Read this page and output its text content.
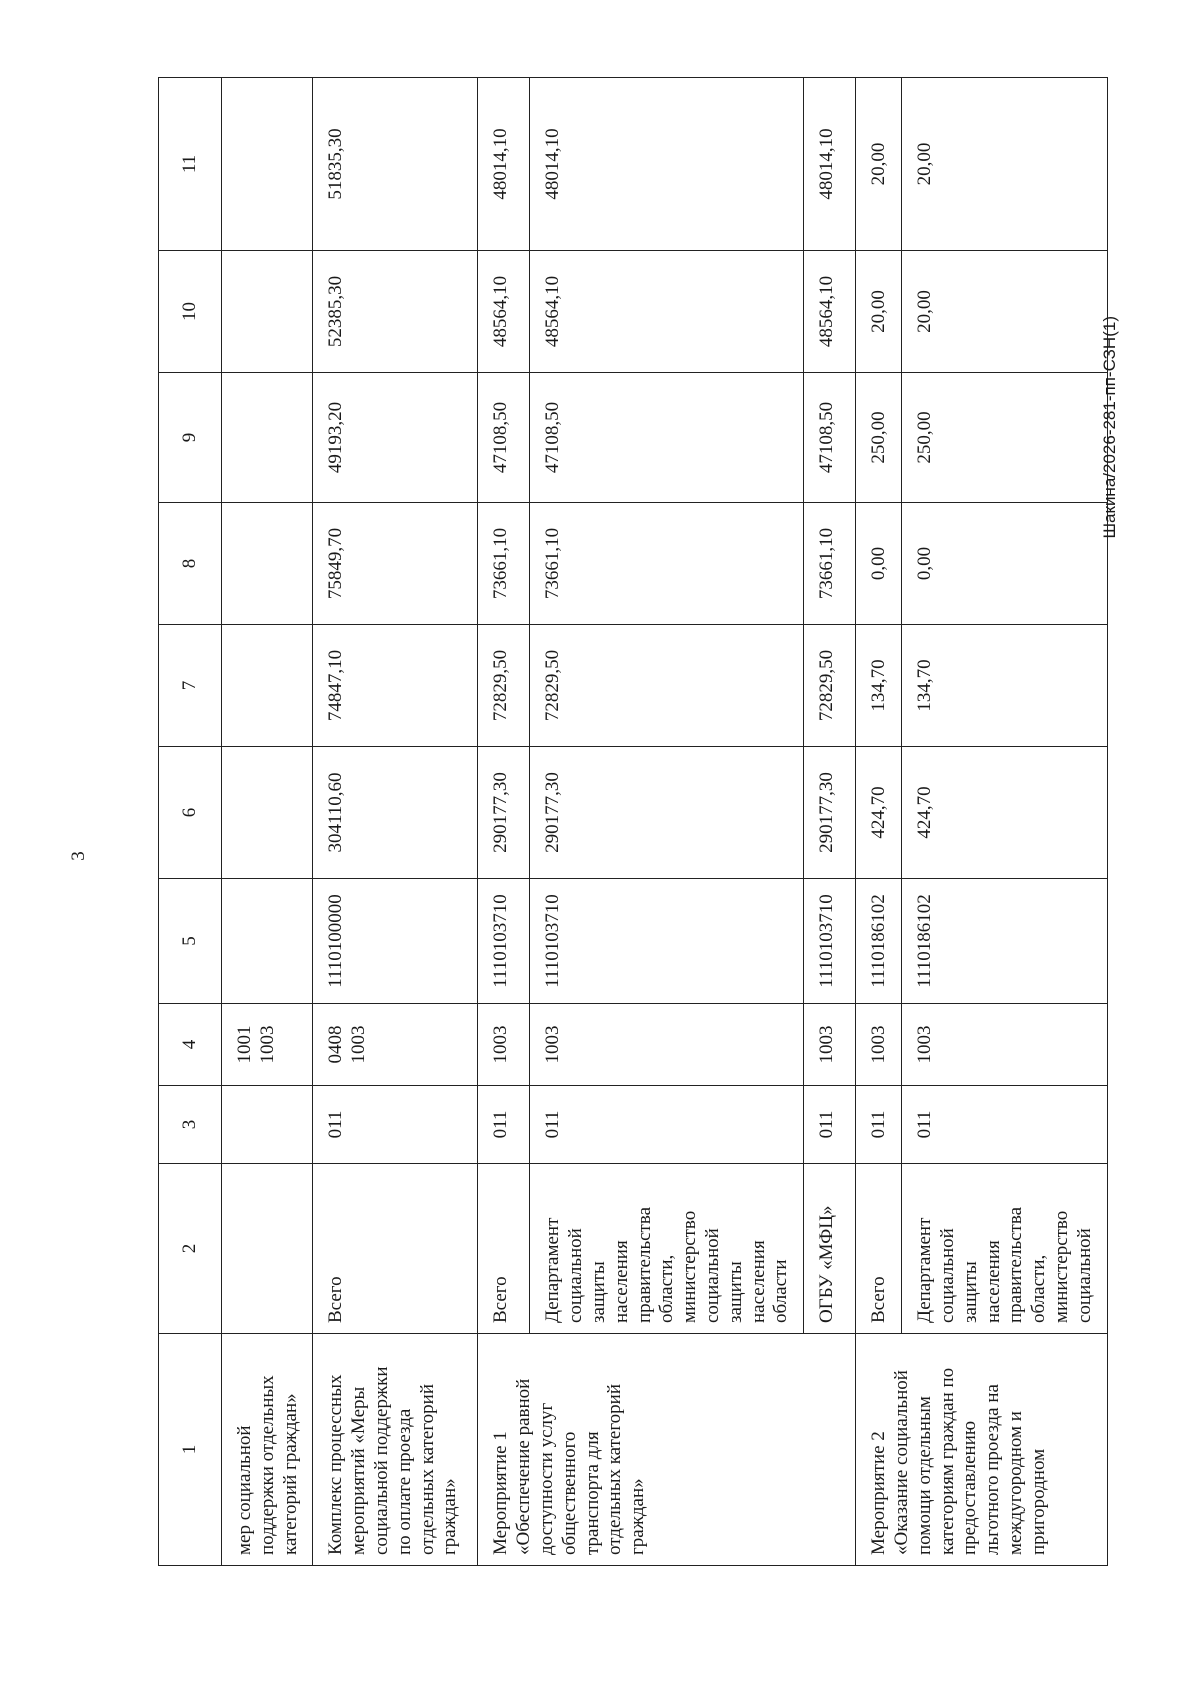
3
1	2	3	4	5	6	7	8	9	10	11
мер социальной поддержки отдельных категорий граждан»			1001 1003							

Комплекс процессных мероприятий «Меры социальной поддержки по оплате проезда отдельных категорий граждан»	Всего	011	0408 1003	1110100000	304110,60	74847,10	75849,70	49193,20	52385,30	51835,30
Мероприятие 1 «Обеспечение равной доступности услуг общественного транспорта для отдельных категорий граждан»	Всего	011	1003	1110103710	290177,30	72829,50	73661,10	47108,50	48564,10	48014,10
	Департамент социальной защиты населения правительства области, министерство социальной защиты населения области	011	1003	1110103710	290177,30	72829,50	73661,10	47108,50	48564,10	48014,10
	ОГБУ «МФЦ»	011	1003	1110103710	290177,30	72829,50	73661,10	47108,50	48564,10	48014,10
Мероприятие 2 «Оказание социальной помощи отдельным категориям граждан по предоставлению льготного проезда на междугородном и пригородном	Всего	011	1003	1110186102	424,70	134,70	0,00	250,00	20,00	20,00
	Департамент социальной защиты населения правительства области, министерство социальной	011	1003	1110186102	424,70	134,70	0,00	250,00	20,00	20,00
Шакина/2026-281-пп-СЗН(1)
